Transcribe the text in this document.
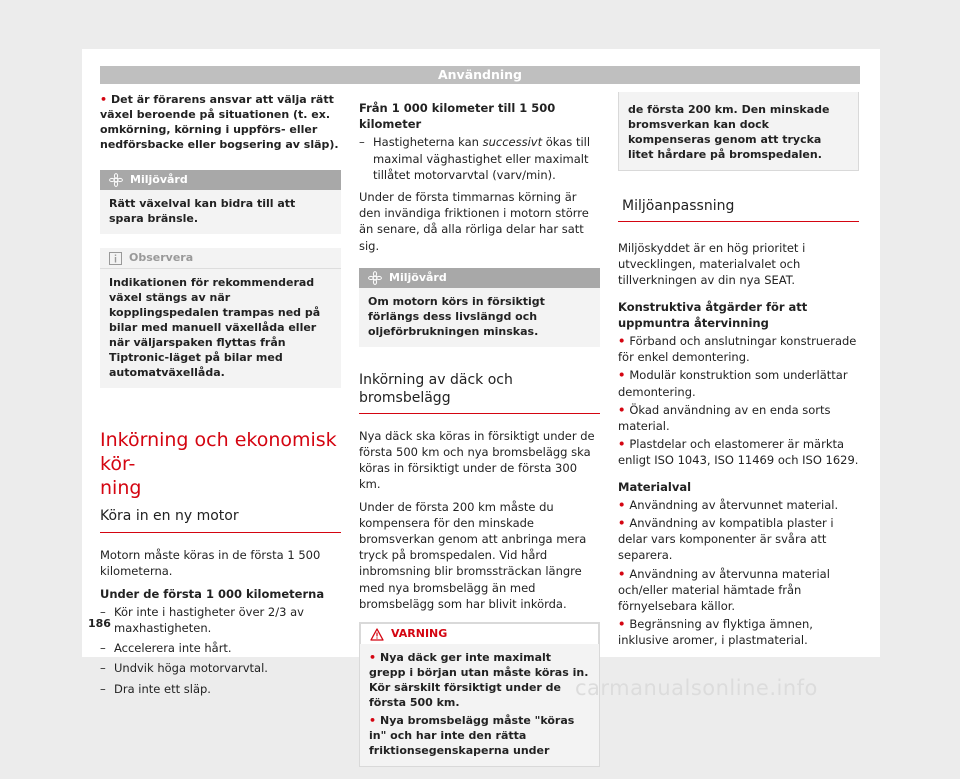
Användning

• Det är förarens ansvar att välja rätt växel beroende på situationen (t. ex. omkörning, körning i uppförs- eller nedförsbacke eller bogsering av släp).

Miljövård
Rätt växelval kan bidra till att spara bränsle.
Observera
Indikationen för rekommenderad växel stängs av när kopplingspedalen trampas ned på bilar med manuell växellåda eller när väljarspaken flyttas från Tiptronic-läget på bilar med automatväxellåda.
Inkörning och ekonomisk kör-
ning
Köra in en ny motor

Motorn måste köras in de första 1 500 kilometerna.

Under de första 1 000 kilometerna

– Kör inte i hastigheter över 2/3 av maxhastigheten.
– Accelerera inte hårt.
– Undvik höga motorvarvtal.
– Dra inte ett släp.

Från 1 000 kilometer till 1 500 kilometer

– Hastigheterna kan successivt ökas till maximal väghastighet eller maximalt tillåtet motorvarvtal (varv/min).

Under de första timmarnas körning är den invändiga friktionen i motorn större än senare, då alla rörliga delar har satt sig.

Miljövård
Om motorn körs in försiktigt förlängs dess livslängd och oljeförbrukningen minskas.
Inkörning av däck och bromsbelägg

Nya däck ska köras in försiktigt under de första 500 km och nya bromsbelägg ska köras in försiktigt under de första 300 km.

Under de första 200 km måste du kompensera för den minskade bromsverkan genom att anbringa mera tryck på bromspedalen. Vid hård inbromsning blir bromssträckan längre med nya bromsbelägg än med bromsbelägg som har blivit inkörda.

VARNING
• Nya däck ger inte maximalt grepp i början utan måste köras in. Kör särskilt försiktigt under de första 500 km.
• Nya bromsbelägg måste "köras in" och har inte den rätta friktionsegenskaperna under
de första 200 km. Den minskade bromsverkan kan dock kompenseras genom att trycka litet hårdare på bromspedalen.
Miljöanpassning

Miljöskyddet är en hög prioritet i utvecklingen, materialvalet och tillverkningen av din nya SEAT.

Konstruktiva åtgärder för att uppmuntra återvinning

• Förband och anslutningar konstruerade för enkel demontering.
• Modulär konstruktion som underlättar demontering.
• Ökad användning av en enda sorts material.
• Plastdelar och elastomerer är märkta enligt ISO 1043, ISO 11469 och ISO 1629.

Materialval

• Användning av återvunnet material.
• Användning av kompatibla plaster i delar vars komponenter är svåra att separera.
• Användning av återvunna material och/eller material hämtade från förnyelsebara källor.
• Begränsning av flyktiga ämnen, inklusive aromer, i plastmaterial.
186
carmanualsonline.info
